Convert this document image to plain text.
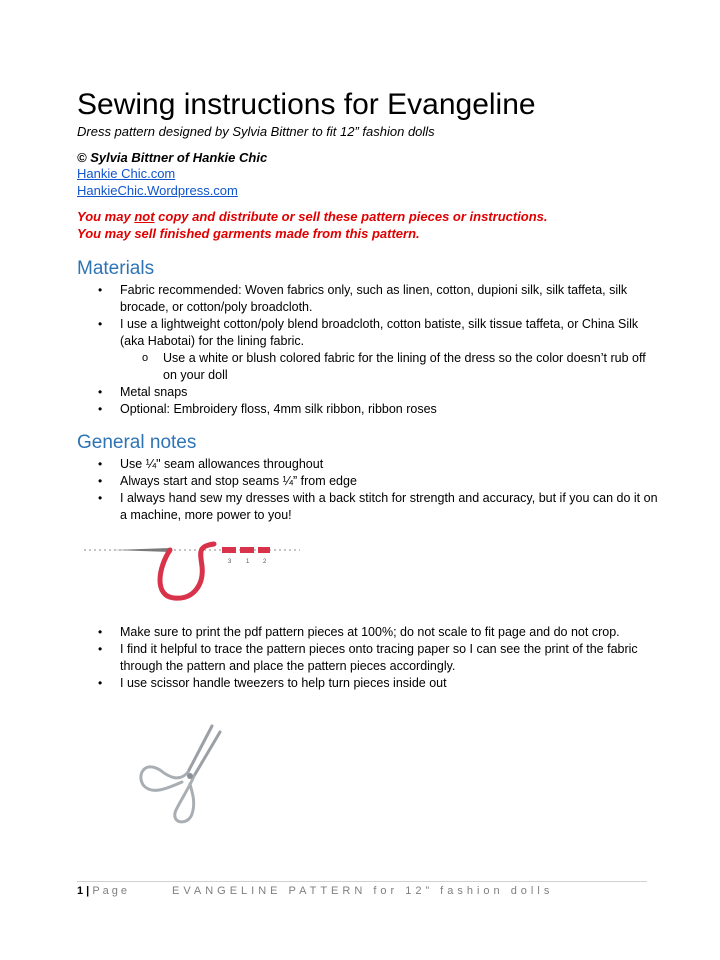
Sewing instructions for Evangeline
Dress pattern designed by Sylvia Bittner to fit 12” fashion dolls
© Sylvia Bittner of Hankie Chic
Hankie Chic.com
HankieChic.Wordpress.com
You may not copy and distribute or sell these pattern pieces or instructions.
You may sell finished garments made from this pattern.
Materials
• Fabric recommended: Woven fabrics only, such as linen, cotton, dupioni silk, silk taffeta, silk brocade, or cotton/poly broadcloth.
• I use a lightweight cotton/poly blend broadcloth, cotton batiste, silk tissue taffeta, or China Silk (aka Habotai) for the lining fabric.
o Use a white or blush colored fabric for the lining of the dress so the color doesn’t rub off on your doll
• Metal snaps
• Optional: Embroidery floss, 4mm silk ribbon, ribbon roses
General notes
• Use ¼" seam allowances throughout
• Always start and stop seams ¼” from edge
• I always hand sew my dresses with a back stitch for strength and accuracy, but if you can do it on a machine, more power to you!
3 1 2
• Make sure to print the pdf pattern pieces at 100%; do not scale to fit page and do not crop.
• I find it helpful to trace the pattern pieces onto tracing paper so I can see the print of the fabric through the pattern and place the pattern pieces accordingly.
• I use scissor handle tweezers to help turn pieces inside out
1 | Page	EVANGELINE PATTERN for 12” fashion dolls
